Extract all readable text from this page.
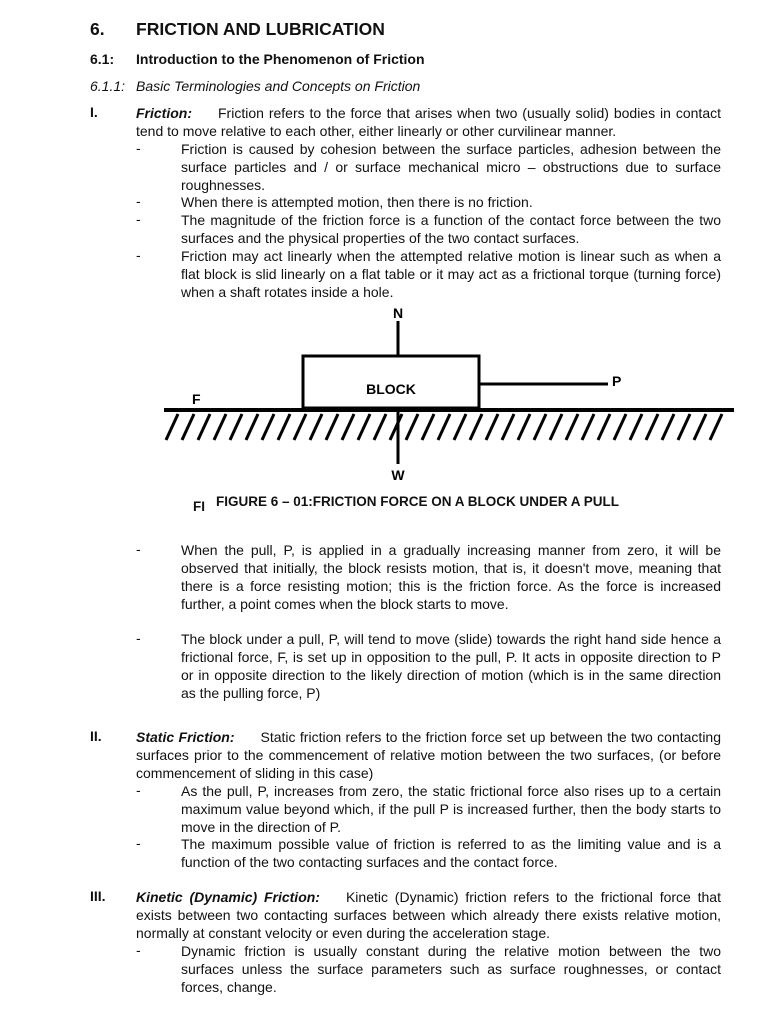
6. FRICTION AND LUBRICATION
6.1: Introduction to the Phenomenon of Friction
6.1.1: Basic Terminologies and Concepts on Friction
I.	Friction: Friction refers to the force that arises when two (usually solid) bodies in contact tend to move relative to each other, either linearly or other curvilinear manner.
-	Friction is caused by cohesion between the surface particles, adhesion between the surface particles and / or surface mechanical micro – obstructions due to surface roughnesses.
-	When there is attempted motion, then there is no friction.
-	The magnitude of the friction force is a function of the contact force between the two surfaces and the physical properties of the two contact surfaces.
-	Friction may act linearly when the attempted relative motion is linear such as when a flat block is slid linearly on a flat table or it may act as a frictional torque (turning force) when a shaft rotates inside a hole.
N
BLOCK	P
F
W
FI FIGURE 6 – 01:FRICTION FORCE ON A BLOCK UNDER A PULL
-	When the pull, P, is applied in a gradually increasing manner from zero, it will be observed that initially, the block resists motion, that is, it doesn't move, meaning that there is a force resisting motion; this is the friction force. As the force is increased further, a point comes when the block starts to move.
-	The block under a pull, P, will tend to move (slide) towards the right hand side hence a frictional force, F, is set up in opposition to the pull, P. It acts in opposite direction to P or in opposite direction to the likely direction of motion (which is in the same direction as the pulling force, P)
II. Static Friction: Static friction refers to the friction force set up between the two contacting surfaces prior to the commencement of relative motion between the two surfaces, (or before commencement of sliding in this case)
-	As the pull, P, increases from zero, the static frictional force also rises up to a certain maximum value beyond which, if the pull P is increased further, then the body starts to move in the direction of P.
-	The maximum possible value of friction is referred to as the limiting value and is a function of the two contacting surfaces and the contact force.
III. Kinetic (Dynamic) Friction: Kinetic (Dynamic) friction refers to the frictional force that exists between two contacting surfaces between which already there exists relative motion, normally at constant velocity or even during the acceleration stage.
-	Dynamic friction is usually constant during the relative motion between the two surfaces unless the surface parameters such as surface roughnesses, or contact forces, change.
